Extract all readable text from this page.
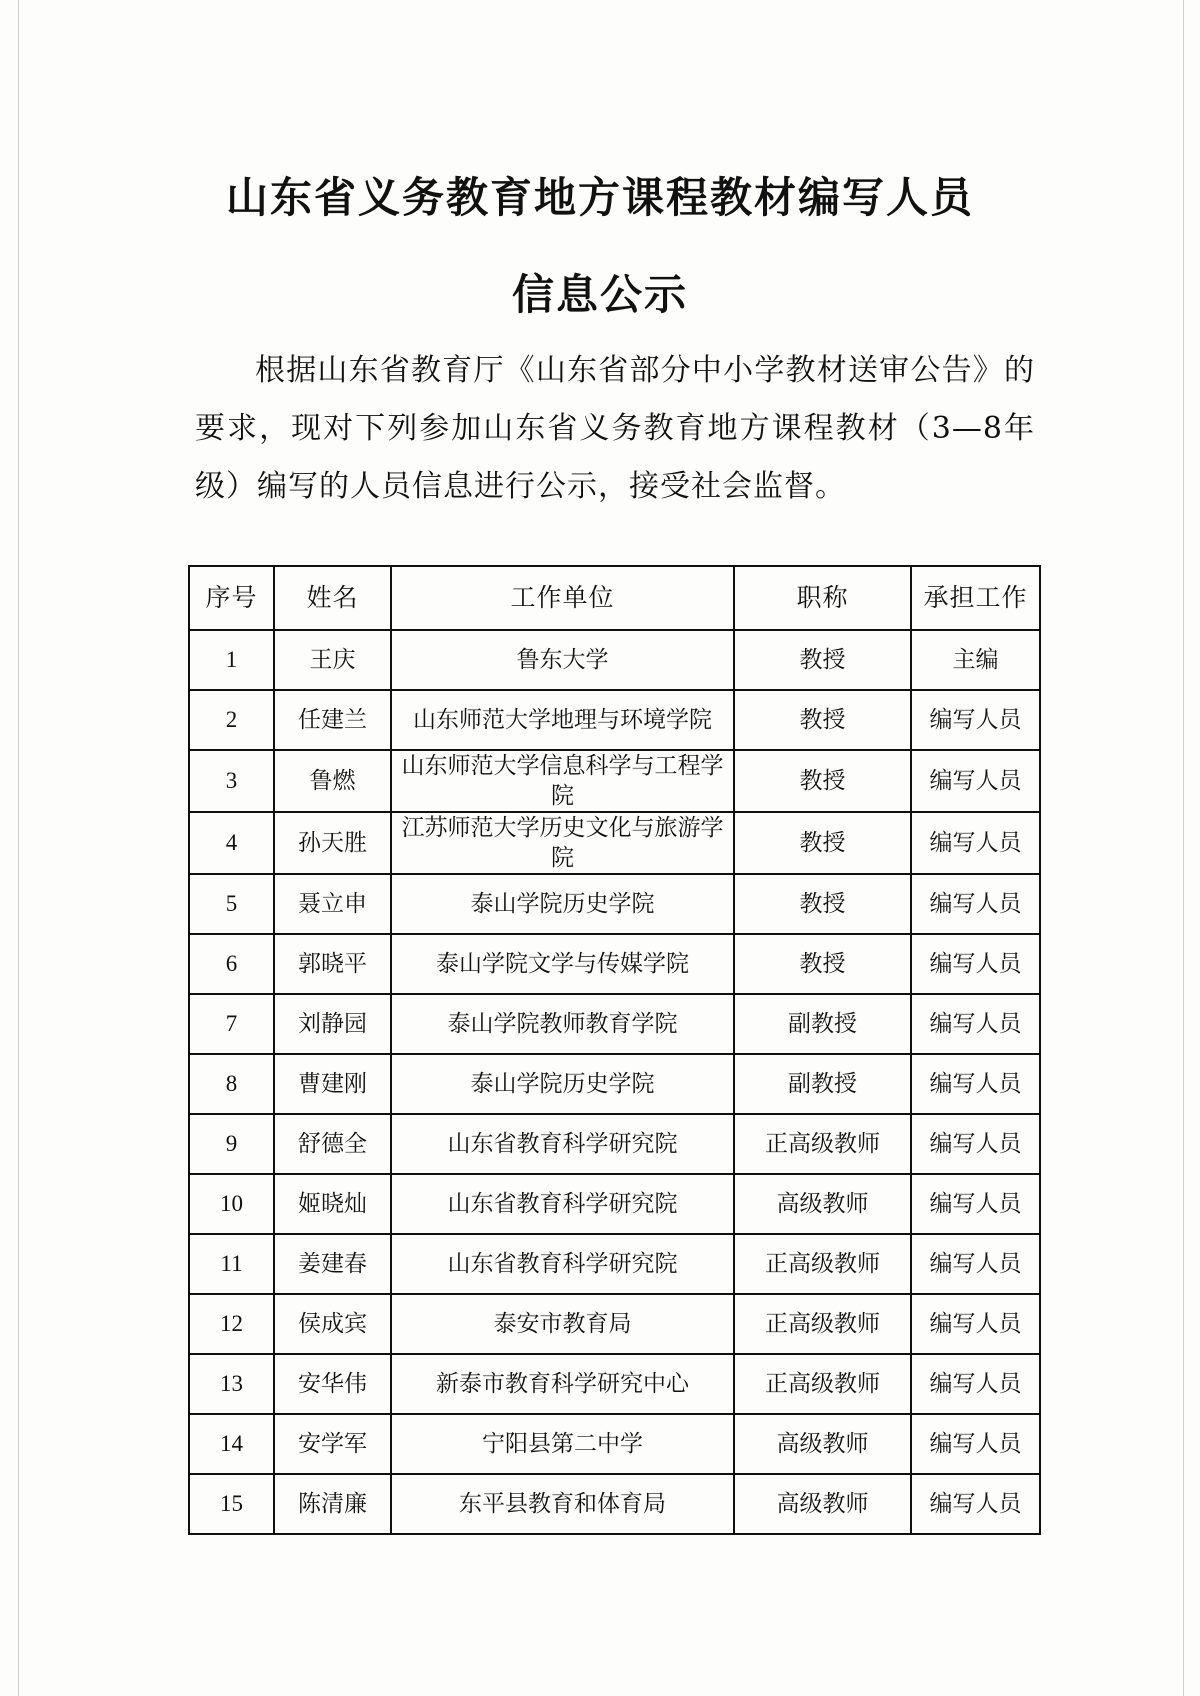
山东省义务教育地方课程教材编写人员
信息公示

根据山东省教育厅《山东省部分中小学教材送审公告》的要求，现对下列参加山东省义务教育地方课程教材（3—8年级）编写的人员信息进行公示，接受社会监督。

序号	姓名	工作单位	职称	承担工作
1	王庆	鲁东大学	教授	主编
2	任建兰	山东师范大学地理与环境学院	教授	编写人员
3	鲁燃	山东师范大学信息科学与工程学院	教授	编写人员
4	孙天胜	江苏师范大学历史文化与旅游学院	教授	编写人员
5	聂立申	泰山学院历史学院	教授	编写人员
6	郭晓平	泰山学院文学与传媒学院	教授	编写人员
7	刘静园	泰山学院教师教育学院	副教授	编写人员
8	曹建刚	泰山学院历史学院	副教授	编写人员
9	舒德全	山东省教育科学研究院	正高级教师	编写人员
10	姬晓灿	山东省教育科学研究院	高级教师	编写人员
11	姜建春	山东省教育科学研究院	正高级教师	编写人员
12	侯成宾	泰安市教育局	正高级教师	编写人员
13	安华伟	新泰市教育科学研究中心	正高级教师	编写人员
14	安学军	宁阳县第二中学	高级教师	编写人员
15	陈清廉	东平县教育和体育局	高级教师	编写人员
